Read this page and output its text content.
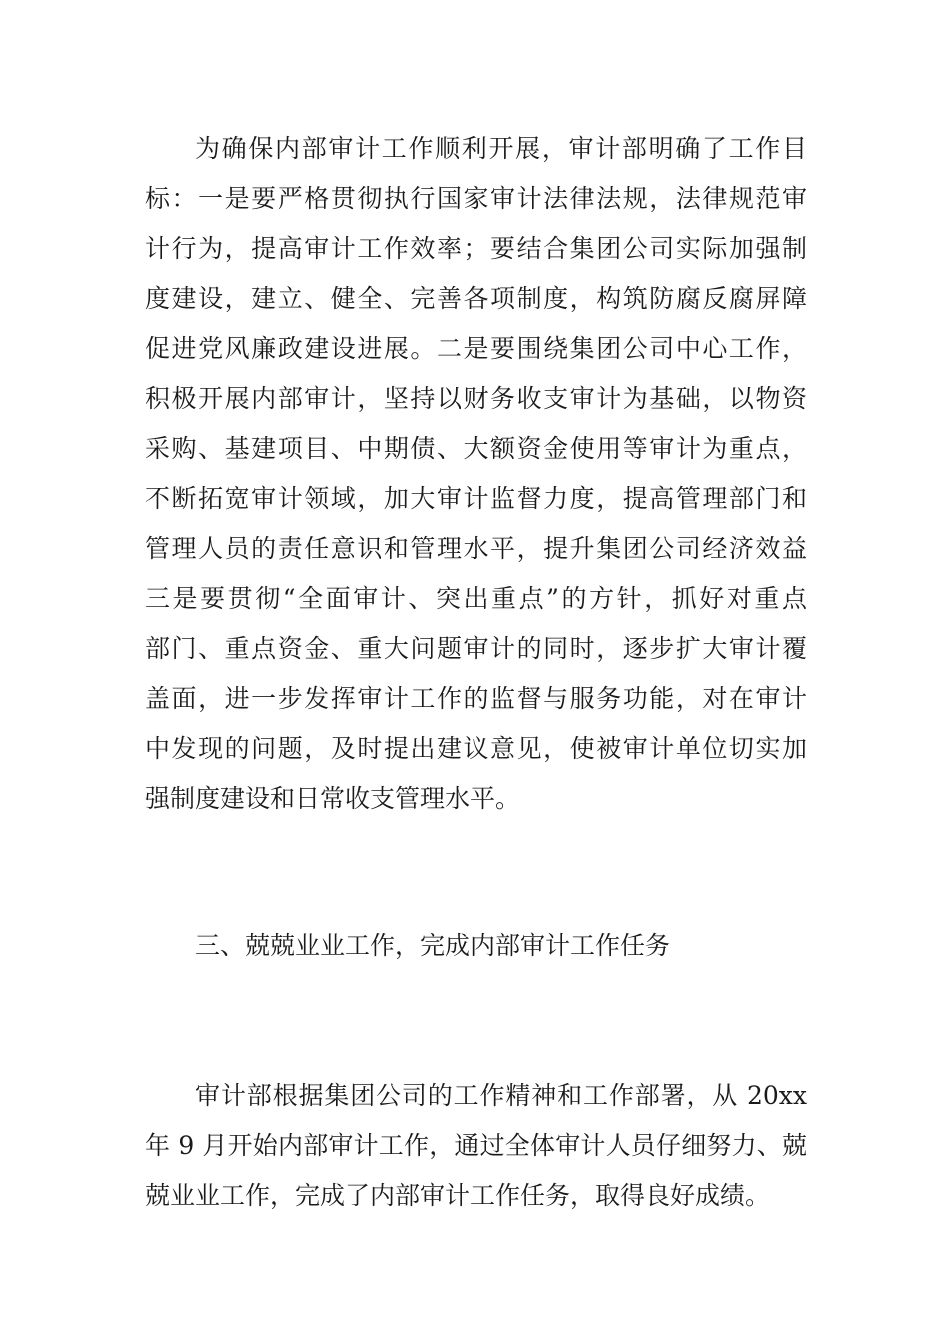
为确保内部审计工作顺利开展，审计部明确了工作目
标：一是要严格贯彻执行国家审计法律法规，法律规范审
计行为，提高审计工作效率；要结合集团公司实际加强制
度建设，建立、健全、完善各项制度，构筑防腐反腐屏障
促进党风廉政建设进展。二是要围绕集团公司中心工作，
积极开展内部审计，坚持以财务收支审计为基础，以物资
采购、基建项目、中期债、大额资金使用等审计为重点，
不断拓宽审计领域，加大审计监督力度，提高管理部门和
管理人员的责任意识和管理水平，提升集团公司经济效益
三是要贯彻“全面审计、突出重点”的方针，抓好对重点
部门、重点资金、重大问题审计的同时，逐步扩大审计覆
盖面，进一步发挥审计工作的监督与服务功能，对在审计
中发现的问题，及时提出建议意见，使被审计单位切实加
强制度建设和日常收支管理水平。
三、兢兢业业工作，完成内部审计工作任务
审计部根据集团公司的工作精神和工作部署，从 20xx
年 9 月开始内部审计工作，通过全体审计人员仔细努力、兢
兢业业工作，完成了内部审计工作任务，取得良好成绩。
